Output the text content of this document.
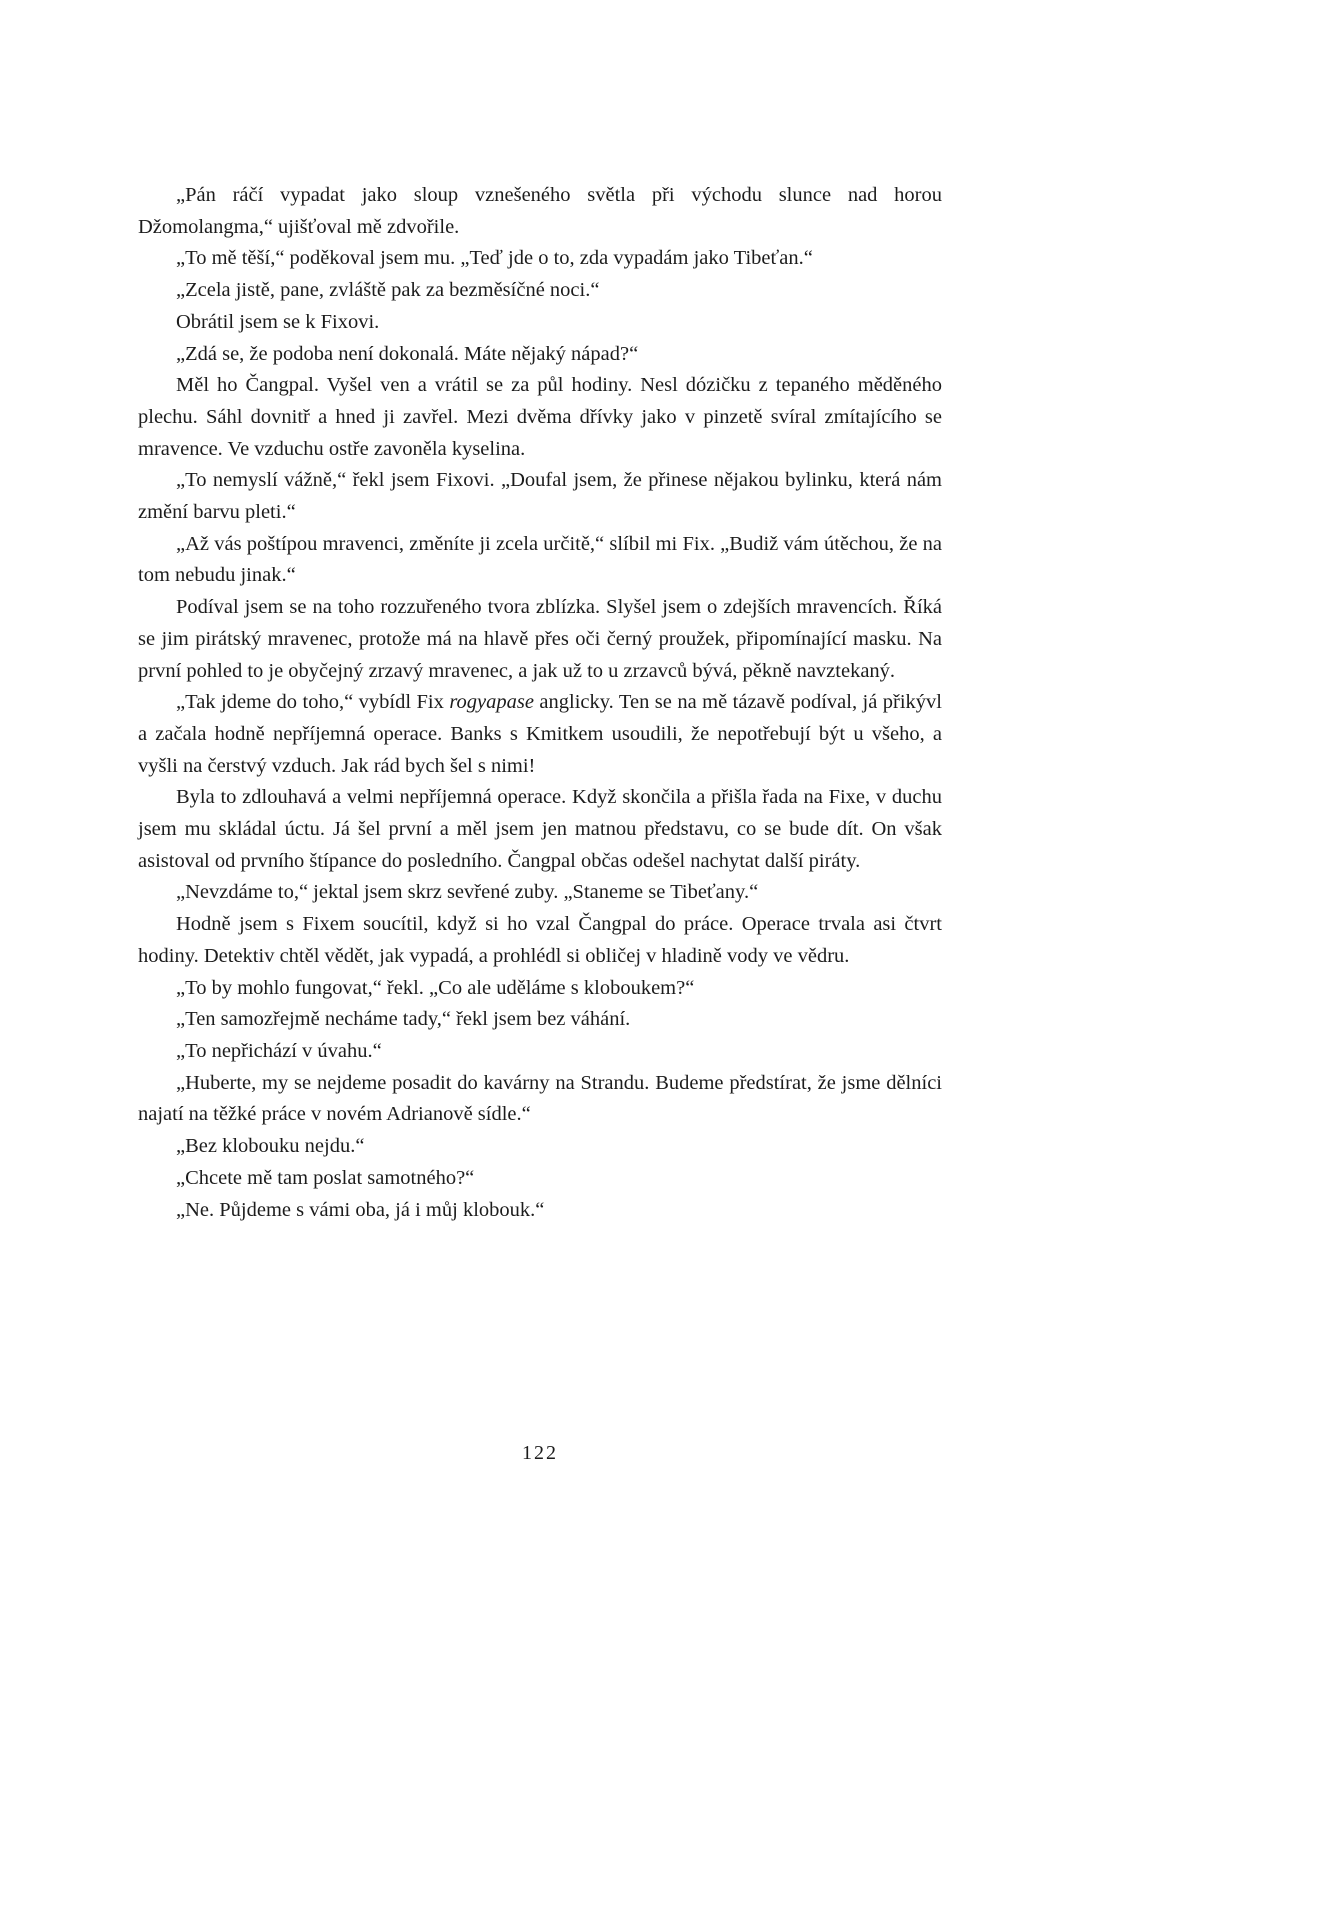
„Pán ráčí vypadat jako sloup vznešeného světla při východu slunce nad horou Džomolangma,“ ujišťoval mě zdvořile.

„To mě těší,“ poděkoval jsem mu. „Teď jde o to, zda vypadám jako Tibeťan.“

„Zcela jistě, pane, zvláště pak za bezměsíčné noci.“

Obrátil jsem se k Fixovi.

„Zdá se, že podoba není dokonalá. Máte nějaký nápad?“

Měl ho Čangpal. Vyšel ven a vrátil se za půl hodiny. Nesl dózičku z tepaného měděného plechu. Sáhl dovnitř a hned ji zavřel. Mezi dvěma dřívky jako v pinzetě svíral zmítajícího se mravence. Ve vzduchu ostře zavoněla kyselina.

„To nemyslí vážně,“ řekl jsem Fixovi. „Doufal jsem, že přinese nějakou bylinku, která nám změní barvu pleti.“

„Až vás poštípou mravenci, změníte ji zcela určitě,“ slíbil mi Fix. „Budiž vám útěchou, že na tom nebudu jinak.“

Podíval jsem se na toho rozzuřeného tvora zblízka. Slyšel jsem o zdejších mravencích. Říká se jim pirátský mravenec, protože má na hlavě přes oči černý proužek, připomínající masku. Na první pohled to je obyčejný zrzavý mravenec, a jak už to u zrzavců bývá, pěkně navztekaný.

„Tak jdeme do toho,“ vybídl Fix rogyapase anglicky. Ten se na mě tázavě podíval, já přikývl a začala hodně nepříjemná operace. Banks s Kmitkem usoudili, že nepotřebují být u všeho, a vyšli na čerstvý vzduch. Jak rád bych šel s nimi!

Byla to zdlouhavá a velmi nepříjemná operace. Když skončila a přišla řada na Fixe, v duchu jsem mu skládal úctu. Já šel první a měl jsem jen matnou představu, co se bude dít. On však asistoval od prvního štípance do posledního. Čangpal občas odešel nachytat další piráty.

„Nevzdáme to,“ jektal jsem skrz sevřené zuby. „Staneme se Tibeťany.“

Hodně jsem s Fixem soucítil, když si ho vzal Čangpal do práce. Operace trvala asi čtvrt hodiny. Detektiv chtěl vědět, jak vypadá, a prohlédl si obličej v hladině vody ve vědru.

„To by mohlo fungovat,“ řekl. „Co ale uděláme s kloboukem?“

„Ten samozřejmě necháme tady,“ řekl jsem bez váhání.

„To nepřichází v úvahu.“

„Huberte, my se nejdeme posadit do kavárny na Strandu. Budeme předstírat, že jsme dělníci najatí na těžké práce v novém Adrianově sídle.“

„Bez klobouku nejdu.“

„Chcete mě tam poslat samotného?“

„Ne. Půjdeme s vámi oba, já i můj klobouk.“

122
